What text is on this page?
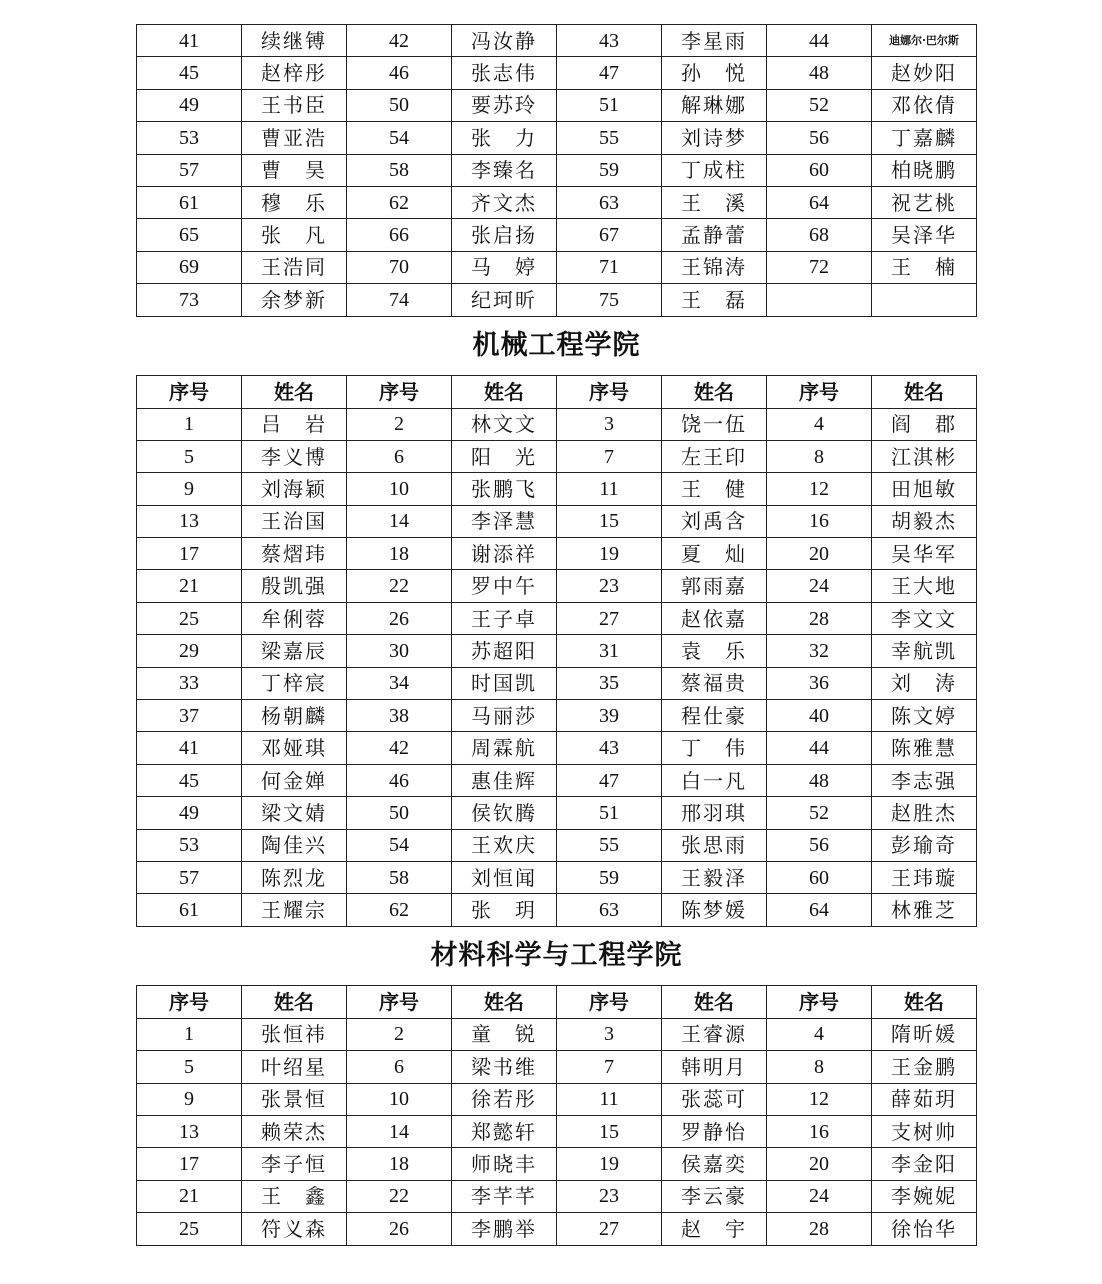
41	续继镈	42	冯汝静	43	李星雨	44	迪娜尔·巴尔斯
45	赵梓彤	46	张志伟	47	孙　悦	48	赵妙阳
49	王书臣	50	要苏玲	51	解琳娜	52	邓依倩
53	曹亚浩	54	张　力	55	刘诗梦	56	丁嘉麟
57	曹　昊	58	李臻名	59	丁成柱	60	柏晓鹏
61	穆　乐	62	齐文杰	63	王　溪	64	祝艺桃
65	张　凡	66	张启扬	67	孟静蕾	68	吴泽华
69	王浩同	70	马　婷	71	王锦涛	72	王　楠
73	余梦新	74	纪珂昕	75	王　磊		
机械工程学院
序号	姓名	序号	姓名	序号	姓名	序号	姓名
1	吕　岩	2	林文文	3	饶一伍	4	阎　郡
5	李义博	6	阳　光	7	左王印	8	江淇彬
9	刘海颖	10	张鹏飞	11	王　健	12	田旭敏
13	王治国	14	李泽慧	15	刘禹含	16	胡毅杰
17	蔡熠玮	18	谢添祥	19	夏　灿	20	吴华军
21	殷凯强	22	罗中午	23	郭雨嘉	24	王大地
25	牟俐蓉	26	王子卓	27	赵依嘉	28	李文文
29	梁嘉辰	30	苏超阳	31	袁　乐	32	幸航凯
33	丁梓宸	34	时国凯	35	蔡福贵	36	刘　涛
37	杨朝麟	38	马丽莎	39	程仕豪	40	陈文婷
41	邓娅琪	42	周霖航	43	丁　伟	44	陈雅慧
45	何金婵	46	惠佳辉	47	白一凡	48	李志强
49	梁文婧	50	侯钦腾	51	邢羽琪	52	赵胜杰
53	陶佳兴	54	王欢庆	55	张思雨	56	彭瑜奇
57	陈烈龙	58	刘恒闻	59	王毅泽	60	王玮璇
61	王耀宗	62	张　玥	63	陈梦媛	64	林雅芝
材料科学与工程学院
序号	姓名	序号	姓名	序号	姓名	序号	姓名
1	张恒祎	2	童　锐	3	王睿源	4	隋昕媛
5	叶绍星	6	梁书维	7	韩明月	8	王金鹏
9	张景恒	10	徐若彤	11	张蕊可	12	薛茹玥
13	赖荣杰	14	郑懿轩	15	罗静怡	16	支树帅
17	李子恒	18	师晓丰	19	侯嘉奕	20	李金阳
21	王　鑫	22	李芊芊	23	李云豪	24	李婉妮
25	符义森	26	李鹏举	27	赵　宇	28	徐怡华
